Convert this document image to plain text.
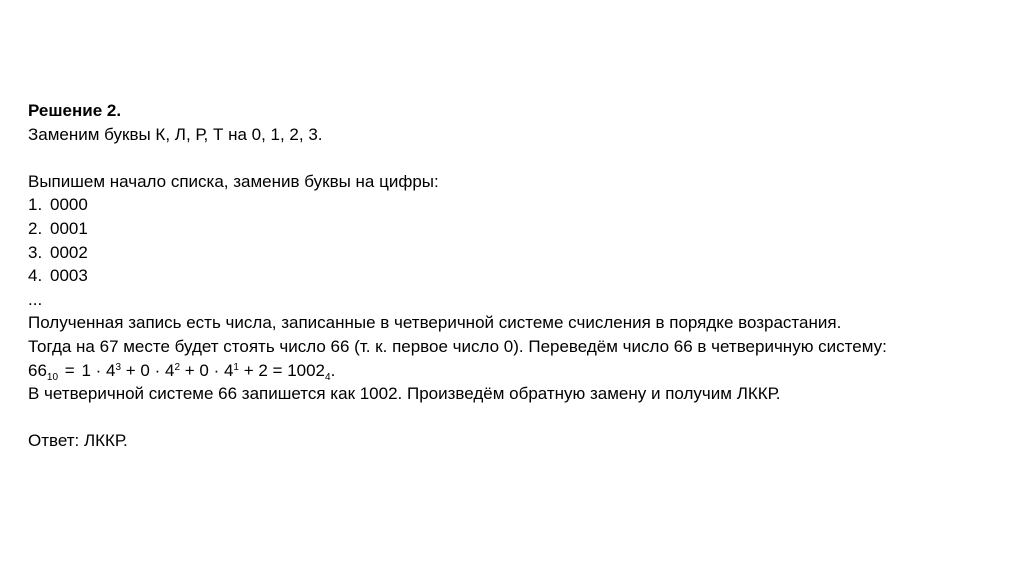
Решение 2.
Заменим буквы К, Л, Р, Т на 0, 1, 2, 3.
Выпишем начало списка, заменив буквы на цифры:
1. 0000
2. 0001
3. 0002
4. 0003
...
Полученная запись есть числа, записанные в четверичной системе счисления в порядке возрастания.
Тогда на 67 месте будет стоять число 66 (т. к. первое число 0). Переведём число 66 в четверичную систему:
$66_{10} = 1 \cdot 4^3 + 0 \cdot 4^2 + 0 \cdot 4^1 + 2 = 1002_4$.
В четверичной системе 66 запишется как 1002. Произведём обратную замену и получим ЛККР.
Ответ: ЛККР.
